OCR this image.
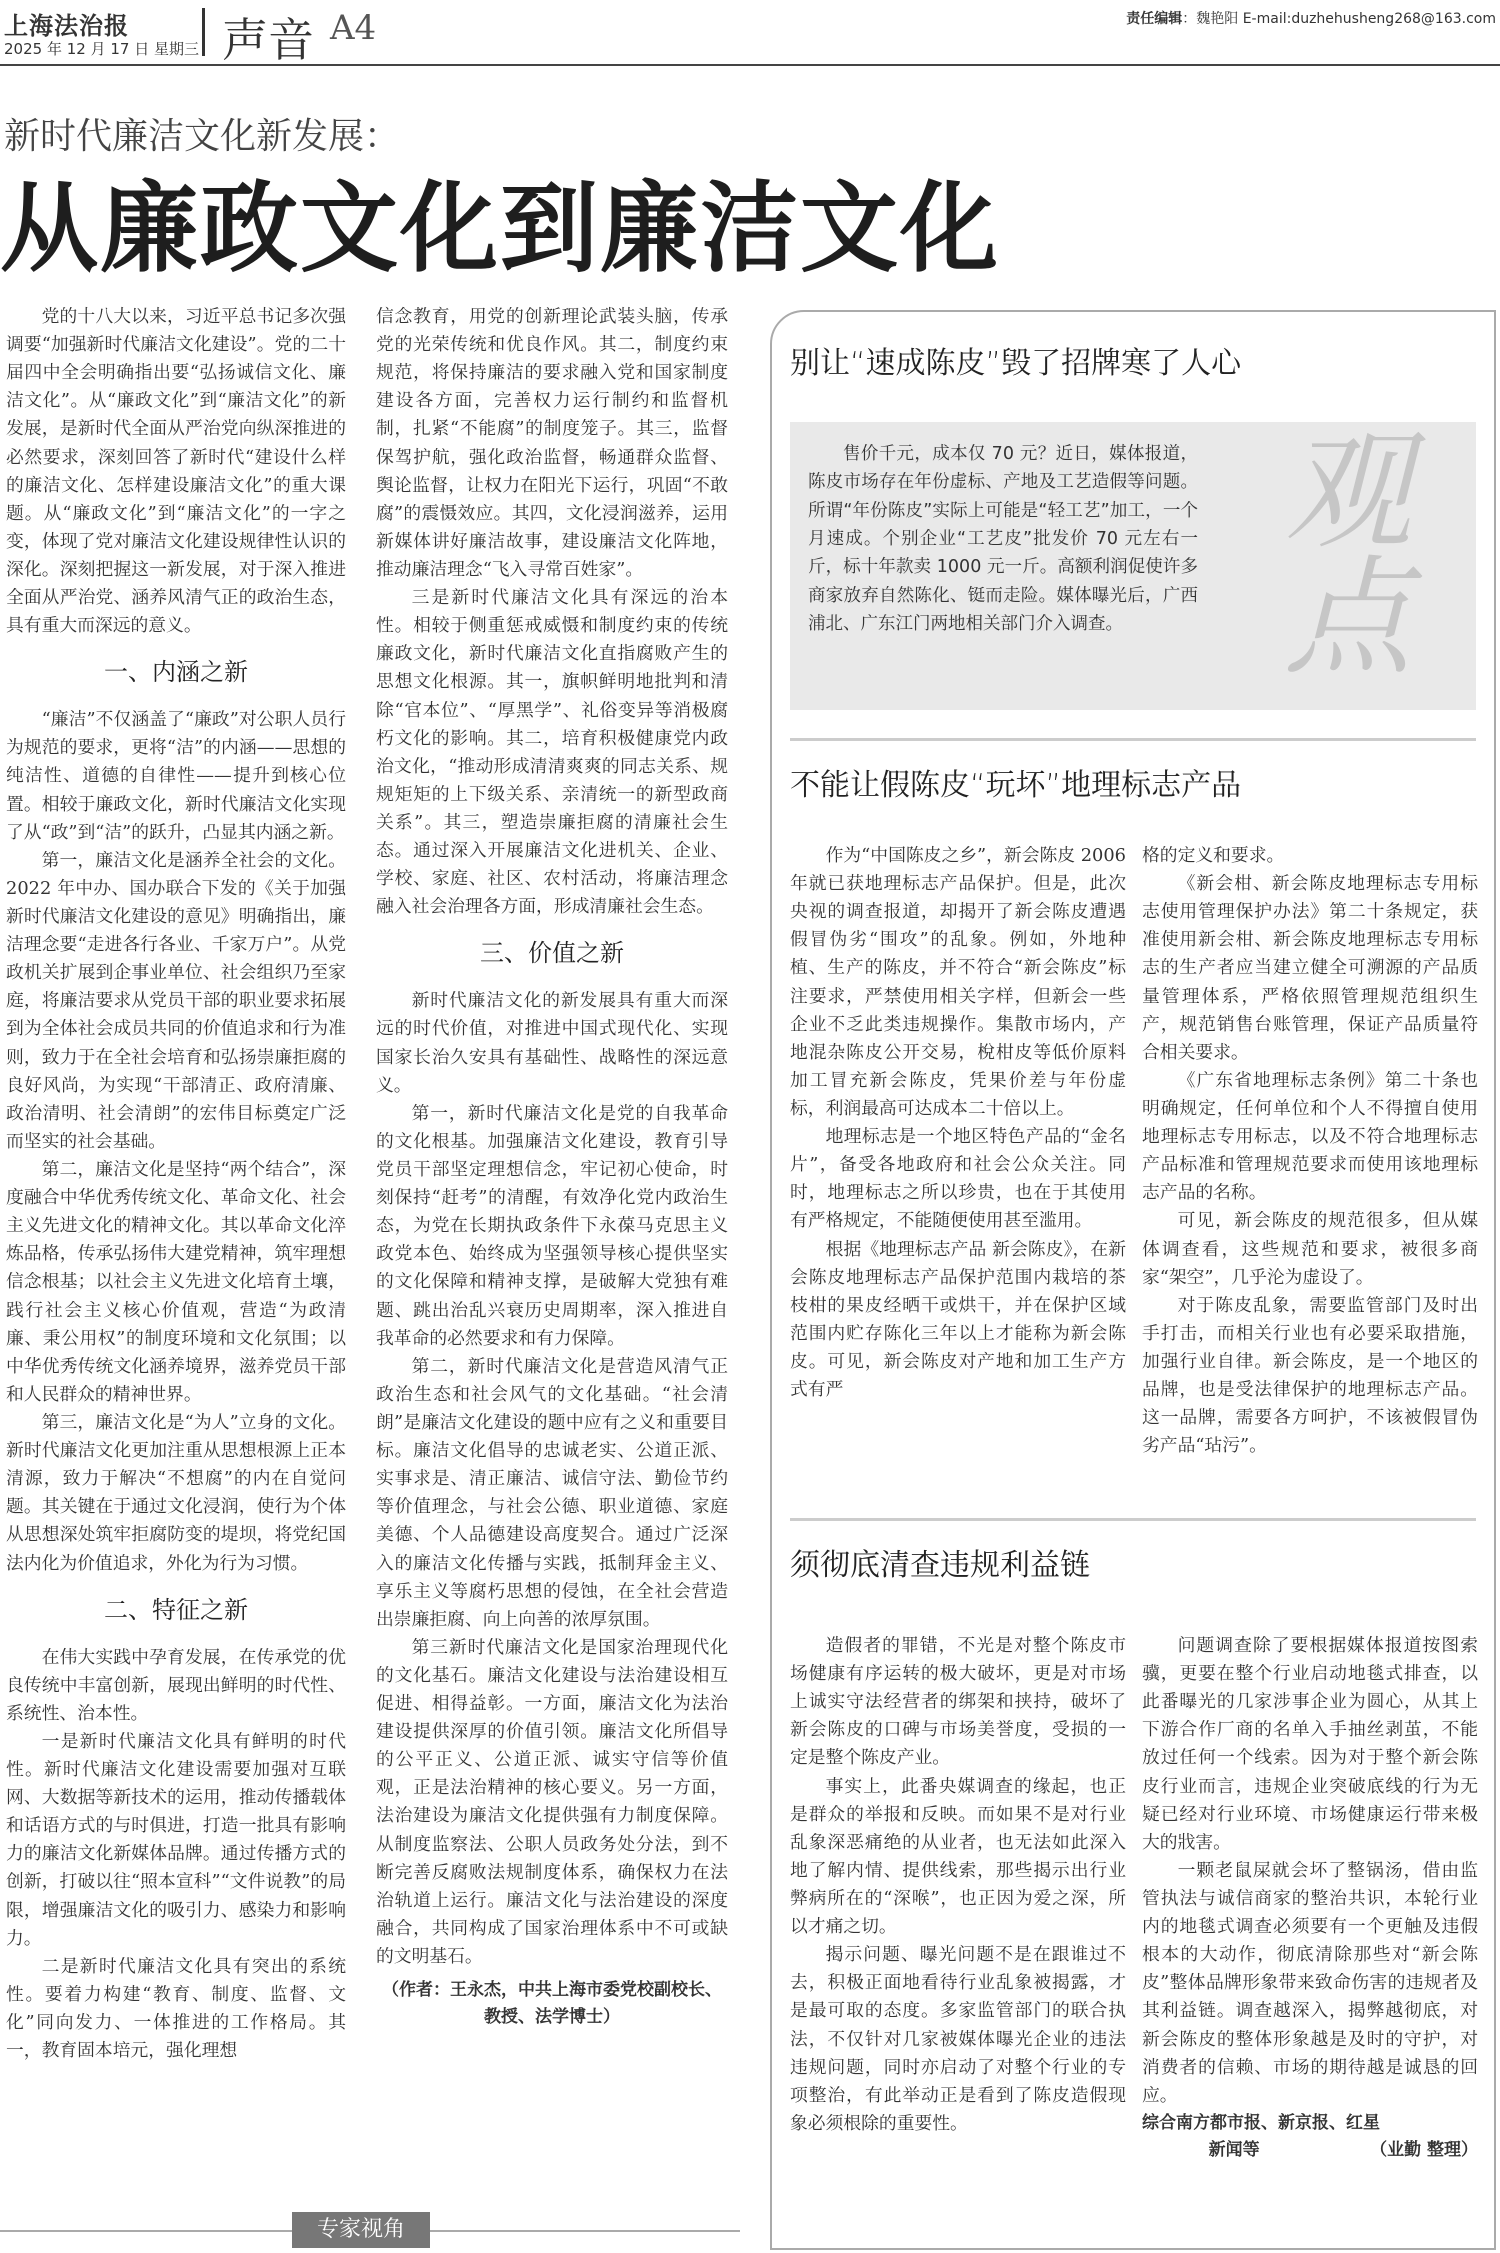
上海法治报
2025 年 12 月 17 日 星期三 声音 A4	责任编辑：魏艳阳 E-mail:duzhehusheng268@163.com
新时代廉洁文化新发展：
从廉政文化到廉洁文化

党的十八大以来，习近平总书记多次强调要“加强新时代廉洁文化建设”。党的二十届四中全会明确指出要“弘扬诚信文化、廉洁文化”。从“廉政文化”到“廉洁文化”的新发展，是新时代全面从严治党向纵深推进的必然要求，深刻回答了新时代“建设什么样的廉洁文化、怎样建设廉洁文化”的重大课题。从“廉政文化”到“廉洁文化”的一字之变，体现了党对廉洁文化建设规律性认识的深化。深刻把握这一新发展，对于深入推进全面从严治党、涵养风清气正的政治生态，具有重大而深远的意义。

一、内涵之新

“廉洁”不仅涵盖了“廉政”对公职人员行为规范的要求，更将“洁”的内涵——思想的纯洁性、道德的自律性——提升到核心位置。相较于廉政文化，新时代廉洁文化实现了从“政”到“洁”的跃升，凸显其内涵之新。

第一，廉洁文化是涵养全社会的文化。2022 年中办、国办联合下发的《关于加强新时代廉洁文化建设的意见》明确指出，廉洁理念要“走进各行各业、千家万户”。从党政机关扩展到企事业单位、社会组织乃至家庭，将廉洁要求从党员干部的职业要求拓展到为全体社会成员共同的价值追求和行为准则，致力于在全社会培育和弘扬崇廉拒腐的良好风尚，为实现“干部清正、政府清廉、政治清明、社会清朗”的宏伟目标奠定广泛而坚实的社会基础。

第二，廉洁文化是坚持“两个结合”，深度融合中华优秀传统文化、革命文化、社会主义先进文化的精神文化。其以革命文化淬炼品格，传承弘扬伟大建党精神，筑牢理想信念根基；以社会主义先进文化培育土壤，践行社会主义核心价值观，营造“为政清廉、秉公用权”的制度环境和文化氛围；以中华优秀传统文化涵养境界，滋养党员干部和人民群众的精神世界。

第三，廉洁文化是“为人”立身的文化。新时代廉洁文化更加注重从思想根源上正本清源，致力于解决“不想腐”的内在自觉问题。其关键在于通过文化浸润，使行为个体从思想深处筑牢拒腐防变的堤坝，将党纪国法内化为价值追求，外化为行为习惯。

二、特征之新

在伟大实践中孕育发展，在传承党的优良传统中丰富创新，展现出鲜明的时代性、系统性、治本性。

一是新时代廉洁文化具有鲜明的时代性。新时代廉洁文化建设需要加强对互联网、大数据等新技术的运用，推动传播载体和话语方式的与时俱进，打造一批具有影响力的廉洁文化新媒体品牌。通过传播方式的创新，打破以往“照本宣科”“文件说教”的局限，增强廉洁文化的吸引力、感染力和影响力。

二是新时代廉洁文化具有突出的系统性。要着力构建“教育、制度、监督、文化”同向发力、一体推进的工作格局。其一，教育固本培元，强化理想

信念教育，用党的创新理论武装头脑，传承党的光荣传统和优良作风。其二，制度约束规范，将保持廉洁的要求融入党和国家制度建设各方面，完善权力运行制约和监督机制，扎紧“不能腐”的制度笼子。其三，监督保驾护航，强化政治监督，畅通群众监督、舆论监督，让权力在阳光下运行，巩固“不敢腐”的震慑效应。其四，文化浸润滋养，运用新媒体讲好廉洁故事，建设廉洁文化阵地，推动廉洁理念“飞入寻常百姓家”。

三是新时代廉洁文化具有深远的治本性。相较于侧重惩戒威慑和制度约束的传统廉政文化，新时代廉洁文化直指腐败产生的思想文化根源。其一，旗帜鲜明地批判和清除“官本位”、“厚黑学”、礼俗变异等消极腐朽文化的影响。其二，培育积极健康党内政治文化，“推动形成清清爽爽的同志关系、规规矩矩的上下级关系、亲清统一的新型政商关系”。其三，塑造崇廉拒腐的清廉社会生态。通过深入开展廉洁文化进机关、企业、学校、家庭、社区、农村活动，将廉洁理念融入社会治理各方面，形成清廉社会生态。

三、价值之新

新时代廉洁文化的新发展具有重大而深远的时代价值，对推进中国式现代化、实现国家长治久安具有基础性、战略性的深远意义。

第一，新时代廉洁文化是党的自我革命的文化根基。加强廉洁文化建设，教育引导党员干部坚定理想信念，牢记初心使命，时刻保持“赶考”的清醒，有效净化党内政治生态，为党在长期执政条件下永葆马克思主义政党本色、始终成为坚强领导核心提供坚实的文化保障和精神支撑，是破解大党独有难题、跳出治乱兴衰历史周期率，深入推进自我革命的必然要求和有力保障。

第二，新时代廉洁文化是营造风清气正政治生态和社会风气的文化基础。“社会清朗”是廉洁文化建设的题中应有之义和重要目标。廉洁文化倡导的忠诚老实、公道正派、实事求是、清正廉洁、诚信守法、勤俭节约等价值理念，与社会公德、职业道德、家庭美德、个人品德建设高度契合。通过广泛深入的廉洁文化传播与实践，抵制拜金主义、享乐主义等腐朽思想的侵蚀，在全社会营造出崇廉拒腐、向上向善的浓厚氛围。

第三新时代廉洁文化是国家治理现代化的文化基石。廉洁文化建设与法治建设相互促进、相得益彰。一方面，廉洁文化为法治建设提供深厚的价值引领。廉洁文化所倡导的公平正义、公道正派、诚实守信等价值观，正是法治精神的核心要义。另一方面，法治建设为廉洁文化提供强有力制度保障。从制度监察法、公职人员政务处分法，到不断完善反腐败法规制度体系，确保权力在法治轨道上运行。廉洁文化与法治建设的深度融合，共同构成了国家治理体系中不可或缺的文明基石。

（作者：王永杰，中共上海市委党校副校长、教授、法学博士）

专家视角
别让“速成陈皮”毁了招牌寒了人心

售价千元，成本仅 70 元？近日，媒体报道，陈皮市场存在年份虚标、产地及工艺造假等问题。所谓“年份陈皮”实际上可能是“轻工艺”加工，一个月速成。个别企业“工艺皮”批发价 70 元左右一斤，标十年款卖 1000 元一斤。高额利润促使许多商家放弃自然陈化、铤而走险。媒体曝光后，广西浦北、广东江门两地相关部门介入调查。

观
点
不能让假陈皮“玩坏”地理标志产品

作为“中国陈皮之乡”，新会陈皮 2006 年就已获地理标志产品保护。但是，此次央视的调查报道，却揭开了新会陈皮遭遇假冒伪劣“围攻”的乱象。例如，外地种植、生产的陈皮，并不符合“新会陈皮”标注要求，严禁使用相关字样，但新会一些企业不乏此类违规操作。集散市场内，产地混杂陈皮公开交易，梲柑皮等低价原料加工冒充新会陈皮，凭果价差与年份虚标，利润最高可达成本二十倍以上。

地理标志是一个地区特色产品的“金名片”，备受各地政府和社会公众关注。同时，地理标志之所以珍贵，也在于其使用有严格规定，不能随便使用甚至滥用。

根据《地理标志产品 新会陈皮》，在新会陈皮地理标志产品保护范围内栽培的茶枝柑的果皮经晒干或烘干，并在保护区域范围内贮存陈化三年以上才能称为新会陈皮。可见，新会陈皮对产地和加工生产方式有严

格的定义和要求。

《新会柑、新会陈皮地理标志专用标志使用管理保护办法》第二十条规定，获准使用新会柑、新会陈皮地理标志专用标志的生产者应当建立健全可溯源的产品质量管理体系，严格依照管理规范组织生产，规范销售台账管理，保证产品质量符合相关要求。

《广东省地理标志条例》第二十条也明确规定，任何单位和个人不得擅自使用地理标志专用标志，以及不符合地理标志产品标准和管理规范要求而使用该地理标志产品的名称。

可见，新会陈皮的规范很多，但从媒体调查看，这些规范和要求，被很多商家“架空”，几乎沦为虚设了。

对于陈皮乱象，需要监管部门及时出手打击，而相关行业也有必要采取措施，加强行业自律。新会陈皮，是一个地区的品牌，也是受法律保护的地理标志产品。这一品牌，需要各方呵护，不该被假冒伪劣产品“玷污”。

须彻底清查违规利益链

造假者的罪错，不光是对整个陈皮市场健康有序运转的极大破坏，更是对市场上诚实守法经营者的绑架和挟持，破坏了新会陈皮的口碑与市场美誉度，受损的一定是整个陈皮产业。

事实上，此番央媒调查的缘起，也正是群众的举报和反映。而如果不是对行业乱象深恶痛绝的从业者，也无法如此深入地了解内情、提供线索，那些揭示出行业弊病所在的“深喉”，也正因为爱之深，所以才痛之切。

揭示问题、曝光问题不是在跟谁过不去，积极正面地看待行业乱象被揭露，才是最可取的态度。多家监管部门的联合执法，不仅针对几家被媒体曝光企业的违法违规问题，同时亦启动了对整个行业的专项整治，有此举动正是看到了陈皮造假现象必须根除的重要性。

问题调查除了要根据媒体报道按图索骥，更要在整个行业启动地毯式排查，以此番曝光的几家涉事企业为圆心，从其上下游合作厂商的名单入手抽丝剥茧，不能放过任何一个线索。因为对于整个新会陈皮行业而言，违规企业突破底线的行为无疑已经对行业环境、市场健康运行带来极大的戕害。

一颗老鼠屎就会坏了整锅汤，借由监管执法与诚信商家的整治共识，本轮行业内的地毯式调查必须要有一个更触及违假根本的大动作，彻底清除那些对“新会陈皮”整体品牌形象带来致命伤害的违规者及其利益链。调查越深入，揭弊越彻底，对新会陈皮的整体形象越是及时的守护，对消费者的信赖、市场的期待越是诚恳的回应。

综合南方都市报、新京报、红星
新闻等　　　　　　　（业勤 整理）
